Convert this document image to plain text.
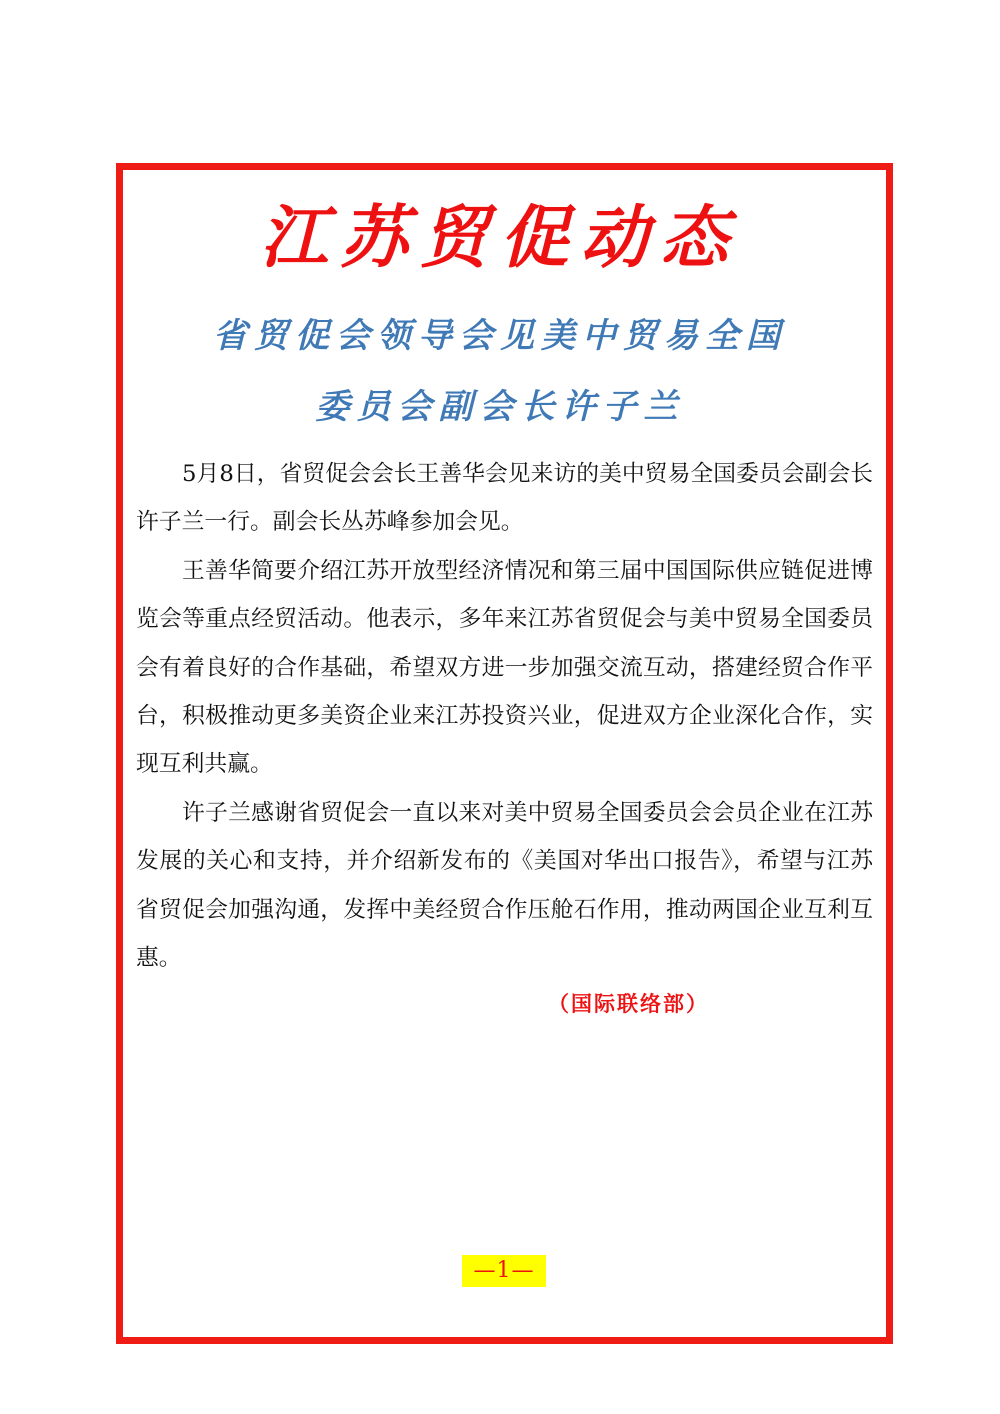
江苏贸促动态
省贸促会领导会见美中贸易全国
委员会副会长许子兰

5月8日，省贸促会会长王善华会见来访的美中贸易全国委员会副会长许子兰一行。副会长丛苏峰参加会见。

王善华简要介绍江苏开放型经济情况和第三届中国国际供应链促进博览会等重点经贸活动。他表示，多年来江苏省贸促会与美中贸易全国委员会有着良好的合作基础，希望双方进一步加强交流互动，搭建经贸合作平台，积极推动更多美资企业来江苏投资兴业，促进双方企业深化合作，实现互利共赢。

许子兰感谢省贸促会一直以来对美中贸易全国委员会会员企业在江苏发展的关心和支持，并介绍新发布的《美国对华出口报告》，希望与江苏省贸促会加强沟通，发挥中美经贸合作压舱石作用，推动两国企业互利互惠。

（国际联络部）
—1—
